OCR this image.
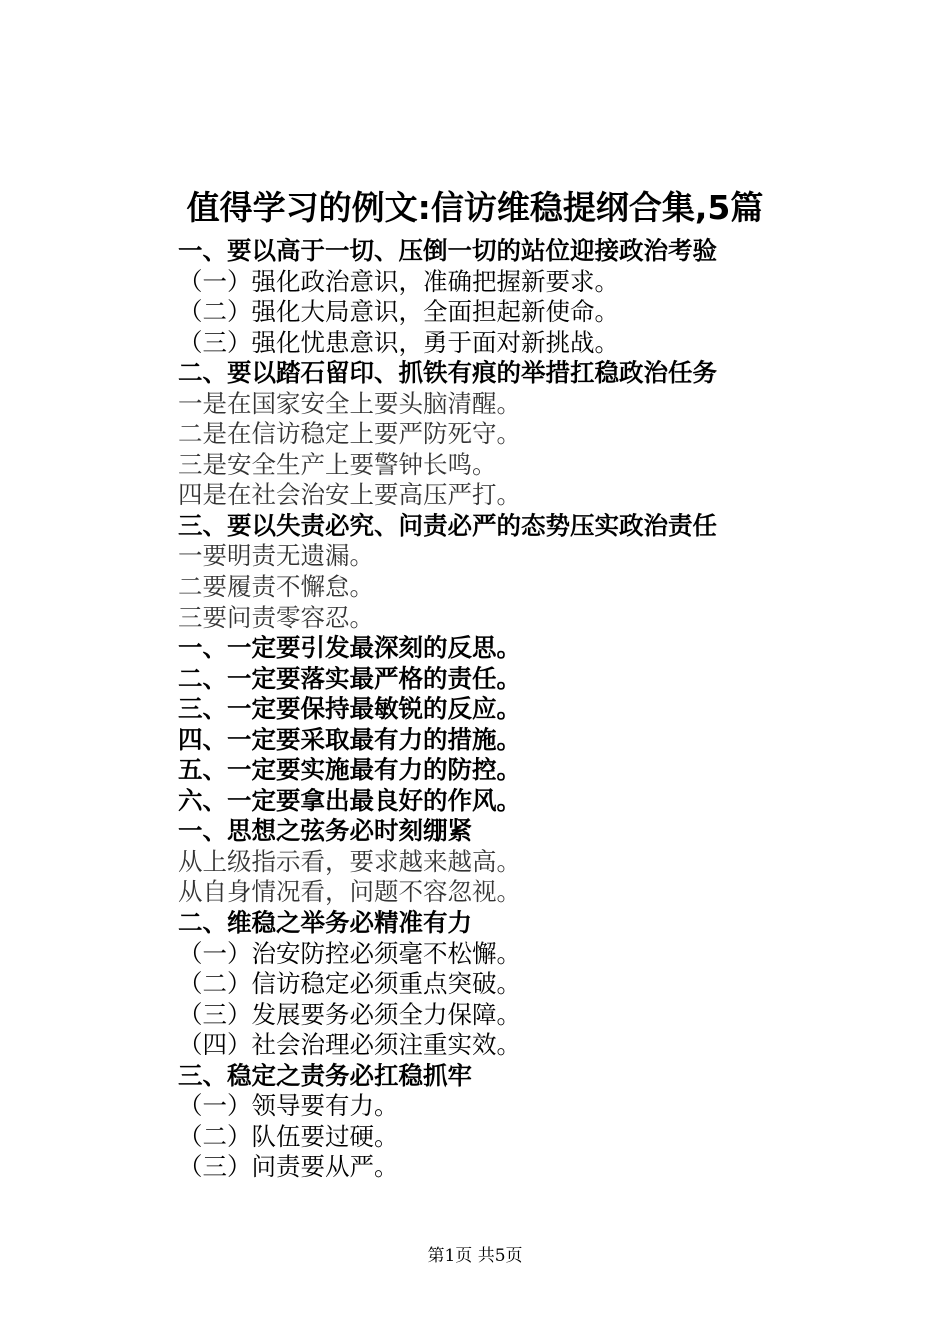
值得学习的例文:信访维稳提纲合集,5篇
一、要以高于一切、压倒一切的站位迎接政治考验
（一）强化政治意识，准确把握新要求。
（二）强化大局意识，全面担起新使命。
（三）强化忧患意识，勇于面对新挑战。
二、要以踏石留印、抓铁有痕的举措扛稳政治任务
一是在国家安全上要头脑清醒。
二是在信访稳定上要严防死守。
三是安全生产上要警钟长鸣。
四是在社会治安上要高压严打。
三、要以失责必究、问责必严的态势压实政治责任
一要明责无遗漏。
二要履责不懈怠。
三要问责零容忍。
一、一定要引发最深刻的反思。
二、一定要落实最严格的责任。
三、一定要保持最敏锐的反应。
四、一定要采取最有力的措施。
五、一定要实施最有力的防控。
六、一定要拿出最良好的作风。
一、思想之弦务必时刻绷紧
从上级指示看，要求越来越高。
从自身情况看，问题不容忽视。
二、维稳之举务必精准有力
（一）治安防控必须毫不松懈。
（二）信访稳定必须重点突破。
（三）发展要务必须全力保障。
（四）社会治理必须注重实效。
三、稳定之责务必扛稳抓牢
（一）领导要有力。
（二）队伍要过硬。
（三）问责要从严。
第1页 共5页
